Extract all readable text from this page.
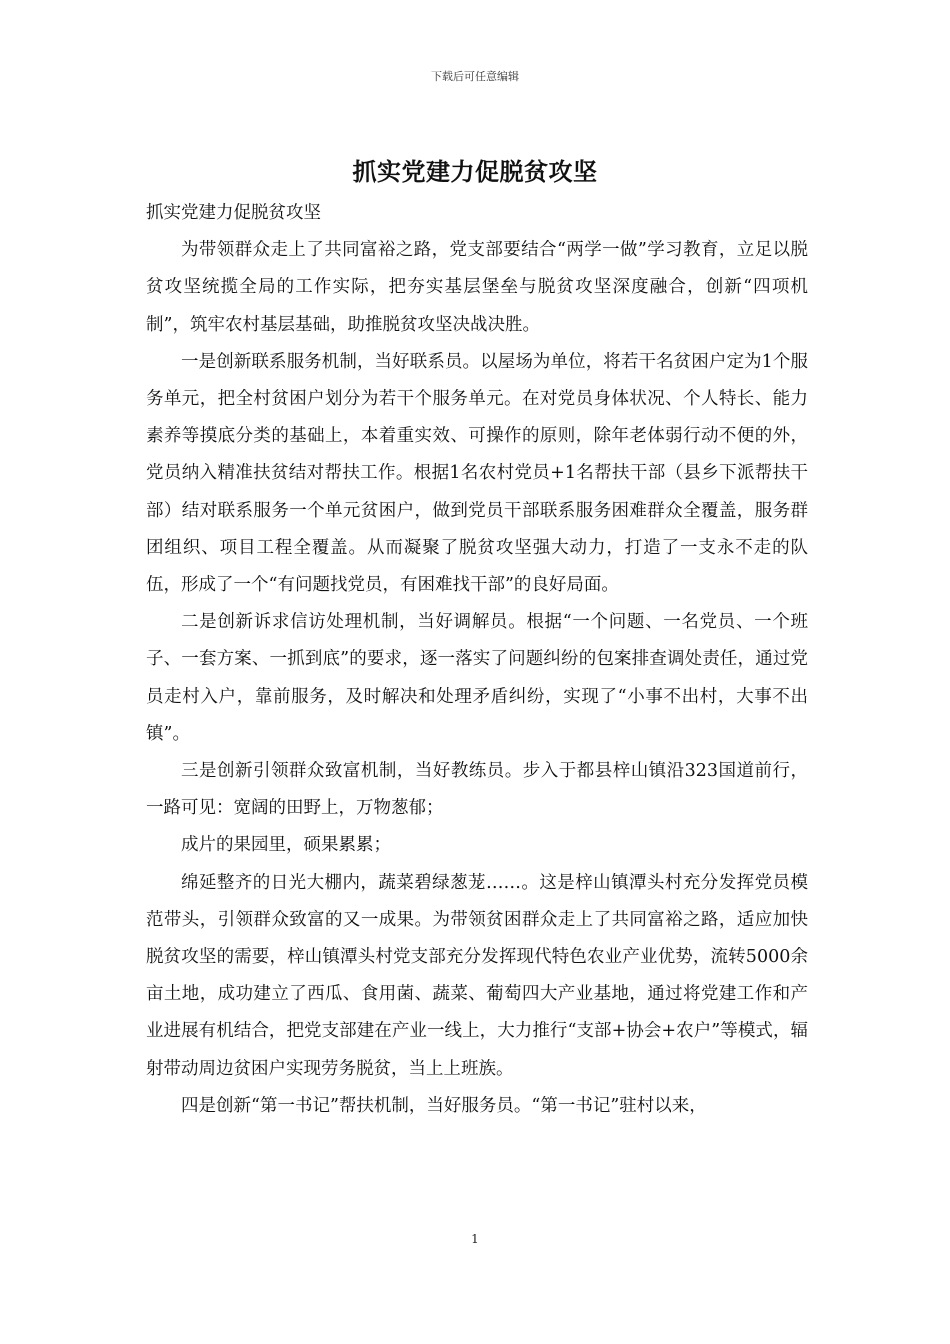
下载后可任意编辑
抓实党建力促脱贫攻坚

抓实党建力促脱贫攻坚

为带领群众走上了共同富裕之路，党支部要结合“两学一做”学习教育，立足以脱贫攻坚统揽全局的工作实际，把夯实基层堡垒与脱贫攻坚深度融合，创新“四项机制”，筑牢农村基层基础，助推脱贫攻坚决战决胜。

一是创新联系服务机制，当好联系员。以屋场为单位，将若干名贫困户定为1个服务单元，把全村贫困户划分为若干个服务单元。在对党员身体状况、个人特长、能力素养等摸底分类的基础上，本着重实效、可操作的原则，除年老体弱行动不便的外，党员纳入精准扶贫结对帮扶工作。根据1名农村党员+1名帮扶干部（县乡下派帮扶干部）结对联系服务一个单元贫困户，做到党员干部联系服务困难群众全覆盖，服务群团组织、项目工程全覆盖。从而凝聚了脱贫攻坚强大动力，打造了一支永不走的队伍，形成了一个“有问题找党员，有困难找干部”的良好局面。

二是创新诉求信访处理机制，当好调解员。根据“一个问题、一名党员、一个班子、一套方案、一抓到底”的要求，逐一落实了问题纠纷的包案排查调处责任，通过党员走村入户，靠前服务，及时解决和处理矛盾纠纷，实现了“小事不出村，大事不出镇”。

三是创新引领群众致富机制，当好教练员。步入于都县梓山镇沿323国道前行，一路可见：宽阔的田野上，万物葱郁；

成片的果园里，硕果累累；

绵延整齐的日光大棚内，蔬菜碧绿葱茏……。这是梓山镇潭头村充分发挥党员模范带头，引领群众致富的又一成果。为带领贫困群众走上了共同富裕之路，适应加快脱贫攻坚的需要，梓山镇潭头村党支部充分发挥现代特色农业产业优势，流转5000余亩土地，成功建立了西瓜、食用菌、蔬菜、葡萄四大产业基地，通过将党建工作和产业进展有机结合，把党支部建在产业一线上，大力推行“支部+协会+农户”等模式，辐射带动周边贫困户实现劳务脱贫，当上上班族。

四是创新“第一书记”帮扶机制，当好服务员。“第一书记”驻村以来，

1
